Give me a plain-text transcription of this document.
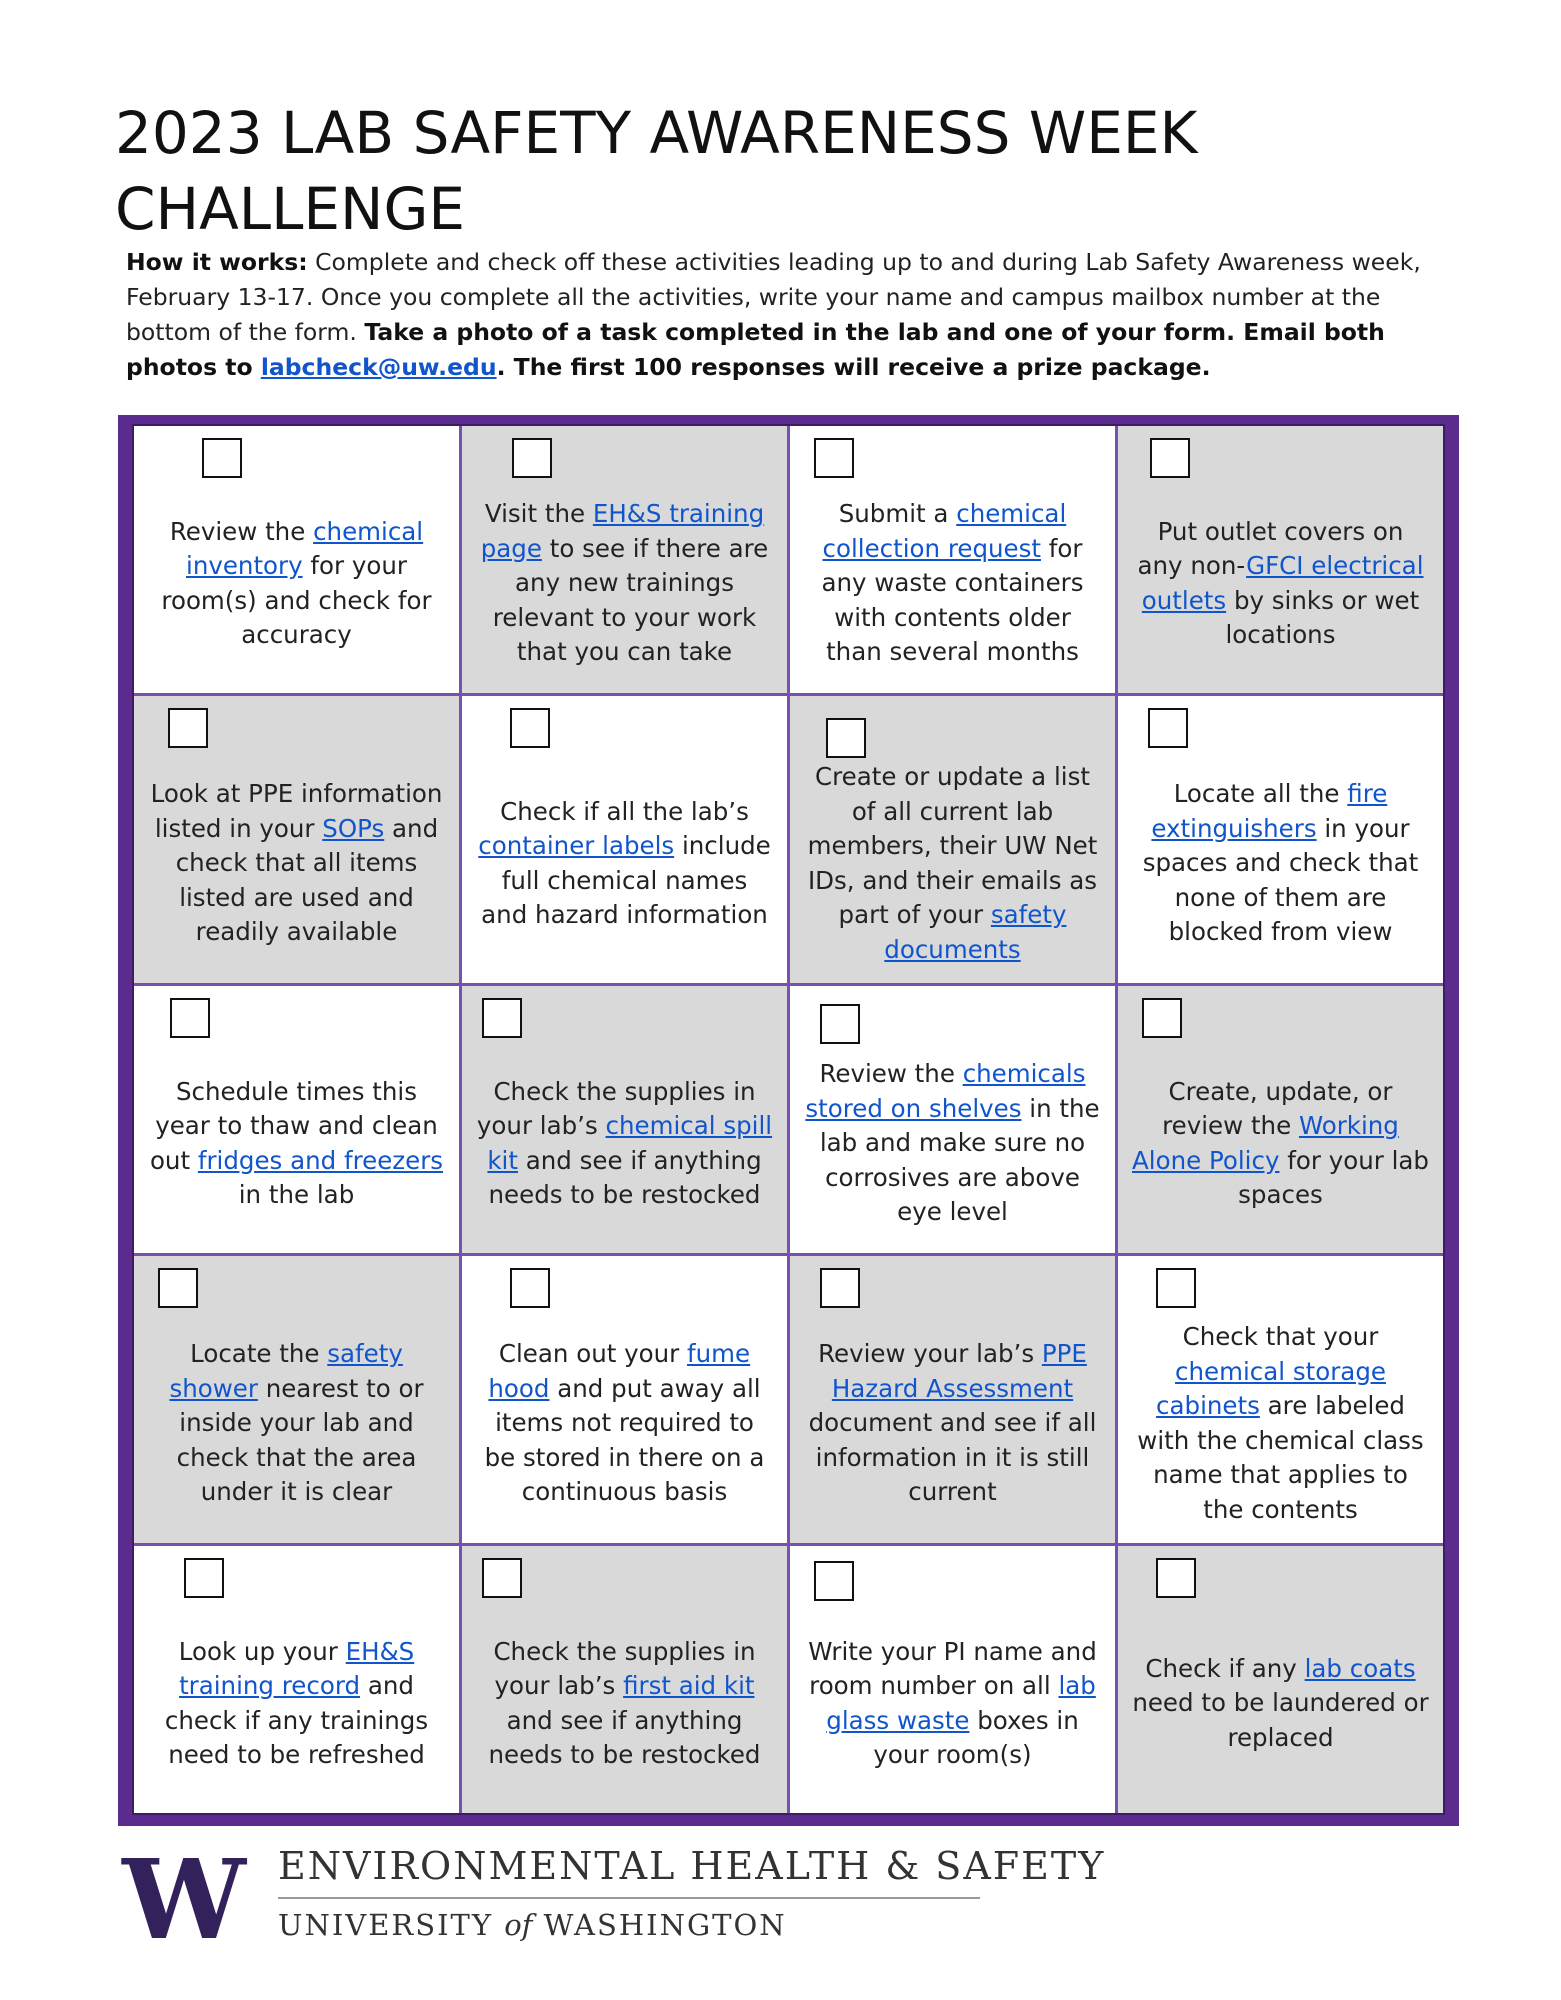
2023 LAB SAFETY AWARENESS WEEK CHALLENGE
How it works: Complete and check off these activities leading up to and during Lab Safety Awareness week, February 13-17. Once you complete all the activities, write your name and campus mailbox number at the bottom of the form. Take a photo of a task completed in the lab and one of your form. Email both photos to labcheck@uw.edu. The first 100 responses will receive a prize package.
Review the chemical inventory for your room(s) and check for accuracy
Visit the EH&S training page to see if there are any new trainings relevant to your work that you can take
Submit a chemical collection request for any waste containers with contents older than several months
Put outlet covers on any non-GFCI electrical outlets by sinks or wet locations
Look at PPE information listed in your SOPs and check that all items listed are used and readily available
Check if all the lab’s container labels include full chemical names and hazard information
Create or update a list of all current lab members, their UW Net IDs, and their emails as part of your safety documents
Locate all the fire extinguishers in your spaces and check that none of them are blocked from view
Schedule times this year to thaw and clean out fridges and freezers in the lab
Check the supplies in your lab’s chemical spill kit and see if anything needs to be restocked
Review the chemicals stored on shelves in the lab and make sure no corrosives are above eye level
Create, update, or review the Working Alone Policy for your lab spaces
Locate the safety shower nearest to or inside your lab and check that the area under it is clear
Clean out your fume hood and put away all items not required to be stored in there on a continuous basis
Review your lab’s PPE Hazard Assessment document and see if all information in it is still current
Check that your chemical storage cabinets are labeled with the chemical class name that applies to the contents
Look up your EH&S training record and check if any trainings need to be refreshed
Check the supplies in your lab’s first aid kit and see if anything needs to be restocked
Write your PI name and room number on all lab glass waste boxes in your room(s)
Check if any lab coats need to be laundered or replaced
W ENVIRONMENTAL HEALTH & SAFETY
UNIVERSITY of WASHINGTON
